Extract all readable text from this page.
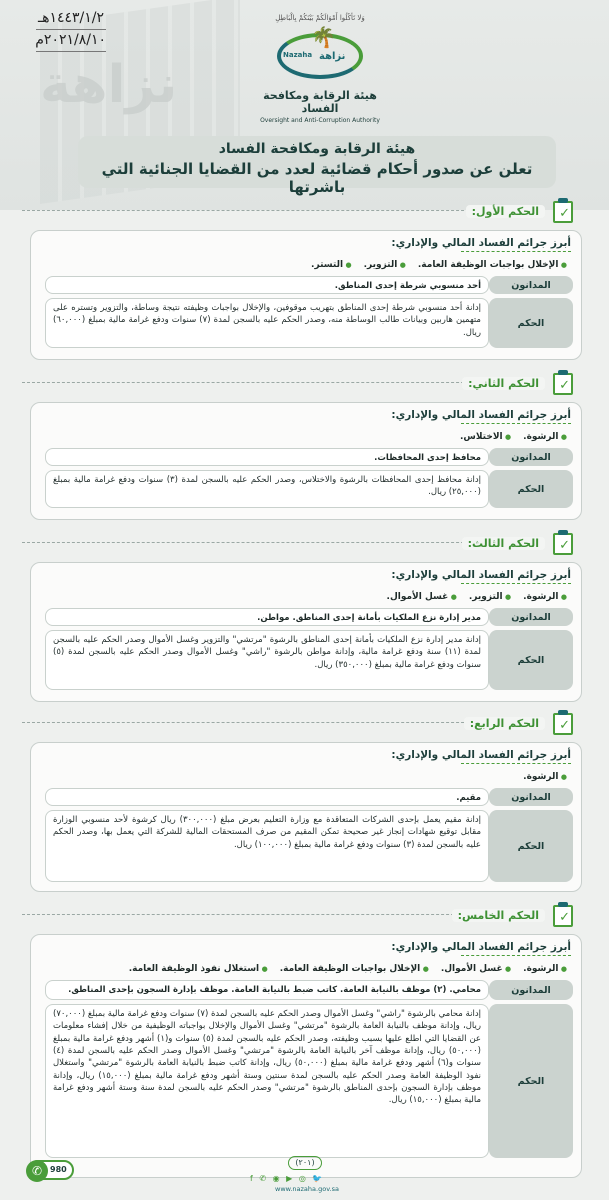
نزاهة
١٤٤٣/١/٢هـ
٢٠٢١/٨/١٠م
وَلا تَأكُلُوا أَمْوَالَكُمْ بَيْنَكُمْ بِالْبَاطِلِ
🌴
نزاهة
Nazaha
هيئة الرقابة ومكافحة الفساد
Oversight and Anti-Corruption Authority
هيئة الرقابة ومكافحة الفساد
تعلن عن صدور أحكام قضائية لعدد من القضايا الجنائية التي باشرتها
✓
الحكم الأول:
أبرز جرائم الفساد المالي والإداري:
● الإخلال بواجبات الوظيفة العامة.
● التزوير.
● التستر.
المدانون
أحد منسوبي شرطة إحدى المناطق.
الحكم
إدانة أحد منسوبي شرطة إحدى المناطق بتهريب موقوفين، والإخلال بواجبات وظيفته نتيجة وساطة، والتزوير وتستره على متهمين هاربين وبيانات طالب الوساطة منه، وصدر الحكم عليه بالسجن لمدة (٧) سنوات ودفع غرامة مالية بمبلغ (٦٠,٠٠٠) ريال.
✓
الحكم الثاني:
أبرز جرائم الفساد المالي والإداري:
● الرشوة.
● الاختلاس.
المدانون
محافظ إحدى المحافظات.
الحكم
إدانة محافظ إحدى المحافظات بالرشوة والاختلاس، وصدر الحكم عليه بالسجن لمدة (٣) سنوات ودفع غرامة مالية بمبلغ (٢٥,٠٠٠) ريال.
✓
الحكم الثالث:
أبرز جرائم الفساد المالي والإداري:
● الرشوة.
● التزوير.
● غسل الأموال.
المدانون
مدير إدارة نزع الملكيات بأمانة إحدى المناطق. مواطن.
الحكم
إدانة مدير إدارة نزع الملكيات بأمانة إحدى المناطق بالرشوة "مرتشي" والتزوير وغسل الأموال وصدر الحكم عليه بالسجن لمدة (١١) سنة ودفع غرامة مالية، وإدانة مواطن بالرشوة "راشي" وغسل الأموال وصدر الحكم عليه بالسجن لمدة (٥) سنوات ودفع غرامة مالية بمبلغ (٣٥٠,٠٠٠) ريال.
✓
الحكم الرابع:
أبرز جرائم الفساد المالي والإداري:
● الرشوة.
المدانون
مقيم.
الحكم
إدانة مقيم يعمل بإحدى الشركات المتعاقدة مع وزارة التعليم بعرض مبلغ (٣٠٠,٠٠٠) ريال كرشوة لأحد منسوبي الوزارة مقابل توقيع شهادات إنجاز غير صحيحة تمكن المقيم من صرف المستحقات المالية للشركة التي يعمل بها، وصدر الحكم عليه بالسجن لمدة (٣) سنوات ودفع غرامة مالية بمبلغ (١٠٠,٠٠٠) ريال.
✓
الحكم الخامس:
أبرز جرائم الفساد المالي والإداري:
● الرشوة.
● غسل الأموال.
● الإخلال بواجبات الوظيفة العامة.
● استغلال نفوذ الوظيفة العامة.
المدانون
محامي. (٢) موظف بالنيابة العامة. كاتب ضبط بالنيابة العامة. موظف بإدارة السجون بإحدى المناطق.
الحكم
إدانة محامي بالرشوة "راشي" وغسل الأموال وصدر الحكم عليه بالسجن لمدة (٧) سنوات ودفع غرامة مالية بمبلغ (٧٠,٠٠٠) ريال، وإدانة موظف بالنيابة العامة بالرشوة "مرتشي" وغسل الأموال والإخلال بواجباته الوظيفية من خلال إفشاء معلومات عن القضايا التي اطلع عليها بسبب وظيفته، وصدر الحكم عليه بالسجن لمدة (٥) سنوات و(١) أشهر ودفع غرامة مالية بمبلغ (٥٠,٠٠٠) ريال، وإدانة موظف آخر بالنيابة العامة بالرشوة "مرتشي" وغسل الأموال وصدر الحكم عليه بالسجن لمدة (٤) سنوات و(٦) أشهر ودفع غرامة مالية بمبلغ (٥٠,٠٠٠) ريال، وإدانة كاتب ضبط بالنيابة العامة بالرشوة "مرتشي" واستغلال نفوذ الوظيفة العامة وصدر الحكم عليه بالسجن لمدة سنتين وستة أشهر ودفع غرامة مالية بمبلغ (١٥,٠٠٠) ريال، وإدانة موظف بإدارة السجون بإحدى المناطق بالرشوة "مرتشي" وصدر الحكم عليه بالسجن لمدة سنة وستة أشهر ودفع غرامة مالية بمبلغ (١٥,٠٠٠) ريال.
(٢٠١)
🐦 ◎ ▶ ◉ ✆ f
www.nazaha.gov.sa
✆ 980
